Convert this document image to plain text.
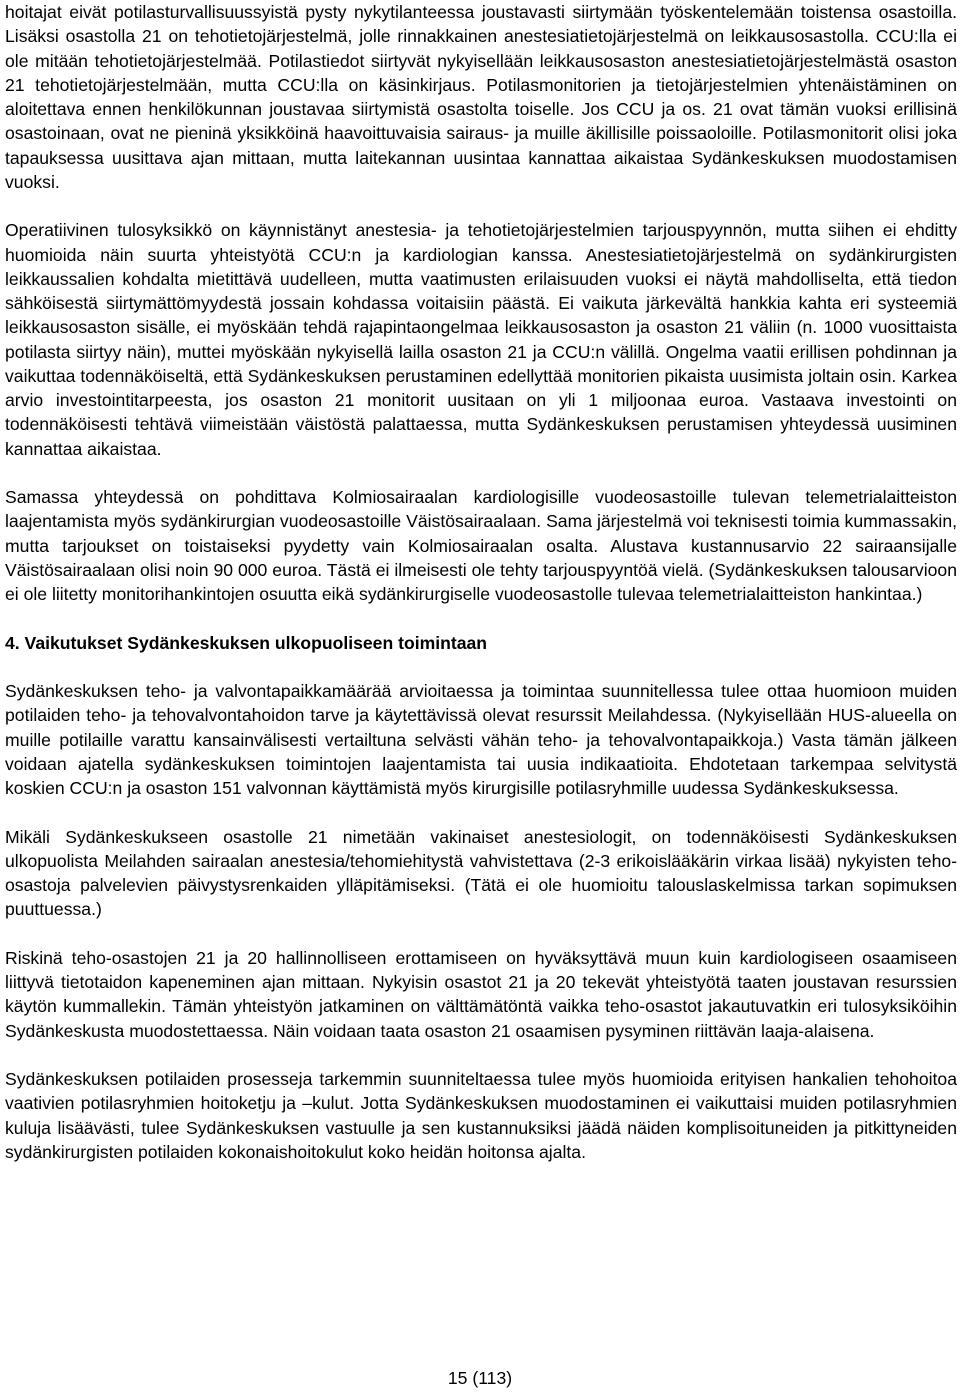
hoitajat eivät potilasturvallisuussyistä pysty nykytilanteessa joustavasti siirtymään työskentelemään toistensa osastoilla. Lisäksi osastolla 21 on tehotietojärjestelmä, jolle rinnakkainen anestesiatietojärjestelmä on leikkausosastolla. CCU:lla ei ole mitään tehotietojärjestelmää. Potilastiedot siirtyvät nykyisellään leikkausosaston anestesiatietojärjestelmästä osaston 21 tehotietojärjestelmään, mutta CCU:lla on käsinkirjaus. Potilasmonitorien ja tietojärjestelmien yhtenäistäminen on aloitettava ennen henkilökunnan joustavaa siirtymistä osastolta toiselle. Jos CCU ja os. 21 ovat tämän vuoksi erillisinä osastoinaan, ovat ne pieninä yksikköinä haavoittuvaisia sairaus- ja muille äkillisille poissaoloille. Potilasmonitorit olisi joka tapauksessa uusittava ajan mittaan, mutta laitekannan uusintaa kannattaa aikaistaa Sydänkeskuksen muodostamisen vuoksi.

Operatiivinen tulosyksikkö on käynnistänyt anestesia- ja tehotietojärjestelmien tarjouspyynnön, mutta siihen ei ehditty huomioida näin suurta yhteistyötä CCU:n ja kardiologian kanssa. Anestesiatietojärjestelmä on sydänkirurgisten leikkaussalien kohdalta mietittävä uudelleen, mutta vaatimusten erilaisuuden vuoksi ei näytä mahdolliselta, että tiedon sähköisestä siirtymättömyydestä jossain kohdassa voitaisiin päästä. Ei vaikuta järkevältä hankkia kahta eri systeemiä leikkausosaston sisälle, ei myöskään tehdä rajapintaongelmaa leikkausosaston ja osaston 21 väliin (n. 1000 vuosittaista potilasta siirtyy näin), muttei myöskään nykyisellä lailla osaston 21 ja CCU:n välillä. Ongelma vaatii erillisen pohdinnan ja vaikuttaa todennäköiseltä, että Sydänkeskuksen perustaminen edellyttää monitorien pikaista uusimista joltain osin. Karkea arvio investointitarpeesta, jos osaston 21 monitorit uusitaan on yli 1 miljoonaa euroa. Vastaava investointi on todennäköisesti tehtävä viimeistään väistöstä palattaessa, mutta Sydänkeskuksen perustamisen yhteydessä uusiminen kannattaa aikaistaa.

Samassa yhteydessä on pohdittava Kolmiosairaalan kardiologisille vuodeosastoille tulevan telemetrialaitteiston laajentamista myös sydänkirurgian vuodeosastoille Väistösairaalaan. Sama järjestelmä voi teknisesti toimia kummassakin, mutta tarjoukset on toistaiseksi pyydetty vain Kolmiosairaalan osalta. Alustava kustannusarvio 22 sairaansijalle Väistösairaalaan olisi noin 90 000 euroa. Tästä ei ilmeisesti ole tehty tarjouspyyntöä vielä. (Sydänkeskuksen talousarvioon ei ole liitetty monitorihankintojen osuutta eikä sydänkirurgiselle vuodeosastolle tulevaa telemetrialaitteiston hankintaa.)

4. Vaikutukset Sydänkeskuksen ulkopuoliseen toimintaan

Sydänkeskuksen teho- ja valvontapaikkamäärää arvioitaessa ja toimintaa suunnitellessa tulee ottaa huomioon muiden potilaiden teho- ja tehovalvontahoidon tarve ja käytettävissä olevat resurssit Meilahdessa. (Nykyisellään HUS-alueella on muille potilaille varattu kansainvälisesti vertailtuna selvästi vähän teho- ja tehovalvontapaikkoja.) Vasta tämän jälkeen voidaan ajatella sydänkeskuksen toimintojen laajentamista tai uusia indikaatioita. Ehdotetaan tarkempaa selvitystä koskien CCU:n ja osaston 151 valvonnan käyttämistä myös kirurgisille potilasryhmille uudessa Sydänkeskuksessa.

Mikäli Sydänkeskukseen osastolle 21 nimetään vakinaiset anestesiologit, on todennäköisesti Sydänkeskuksen ulkopuolista Meilahden sairaalan anestesia/tehomiehitystä vahvistettava (2-3 erikoislääkärin virkaa lisää) nykyisten teho-osastoja palvelevien päivystysrenkaiden ylläpitämiseksi. (Tätä ei ole huomioitu talouslaskelmissa tarkan sopimuksen puuttuessa.)

Riskinä teho-osastojen 21 ja 20 hallinnolliseen erottamiseen on hyväksyttävä muun kuin kardiologiseen osaamiseen liittyvä tietotaidon kapeneminen ajan mittaan. Nykyisin osastot 21 ja 20 tekevät yhteistyötä taaten joustavan resurssien käytön kummallekin. Tämän yhteistyön jatkaminen on välttämätöntä vaikka teho-osastot jakautuvatkin eri tulosyksiköihin Sydänkeskusta muodostettaessa. Näin voidaan taata osaston 21 osaamisen pysyminen riittävän laaja-alaisena.

Sydänkeskuksen potilaiden prosesseja tarkemmin suunniteltaessa tulee myös huomioida erityisen hankalien tehohoitoa vaativien potilasryhmien hoitoketju ja –kulut. Jotta Sydänkeskuksen muodostaminen ei vaikuttaisi muiden potilasryhmien kuluja lisäävästi, tulee Sydänkeskuksen vastuulle ja sen kustannuksiksi jäädä näiden komplisoituneiden ja pitkittyneiden sydänkirurgisten potilaiden kokonaishoitokulut koko heidän hoitonsa ajalta.

15 (113)
